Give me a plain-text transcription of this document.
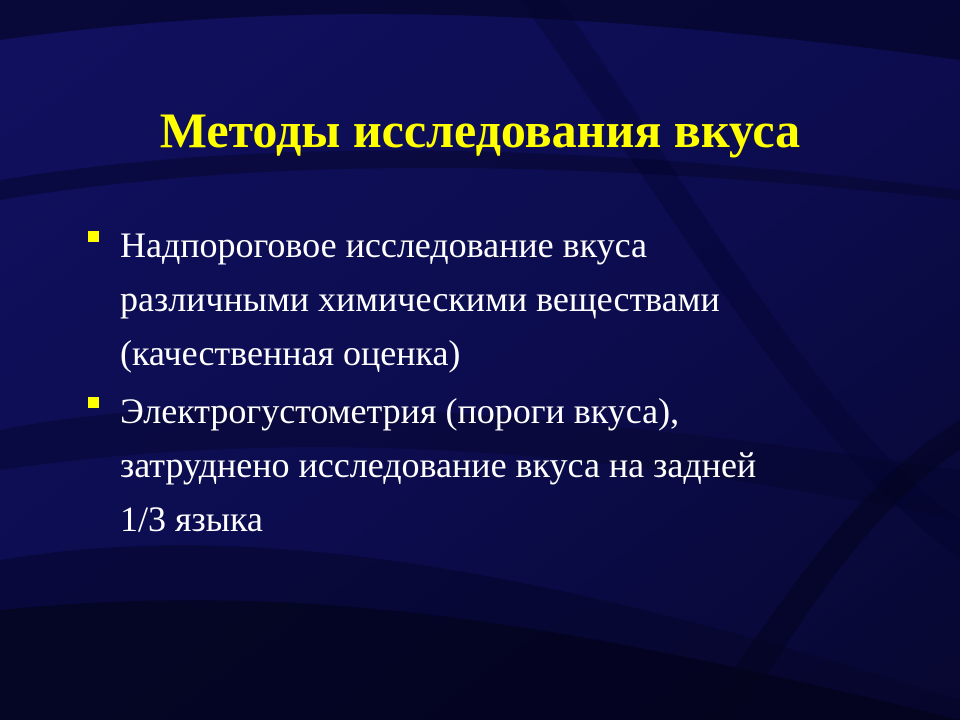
Методы исследования вкуса
Надпороговое исследование вкуса
различными химическими веществами
(качественная оценка)
Электрогустометрия (пороги вкуса),
затруднено исследование вкуса на задней
1/3 языка
